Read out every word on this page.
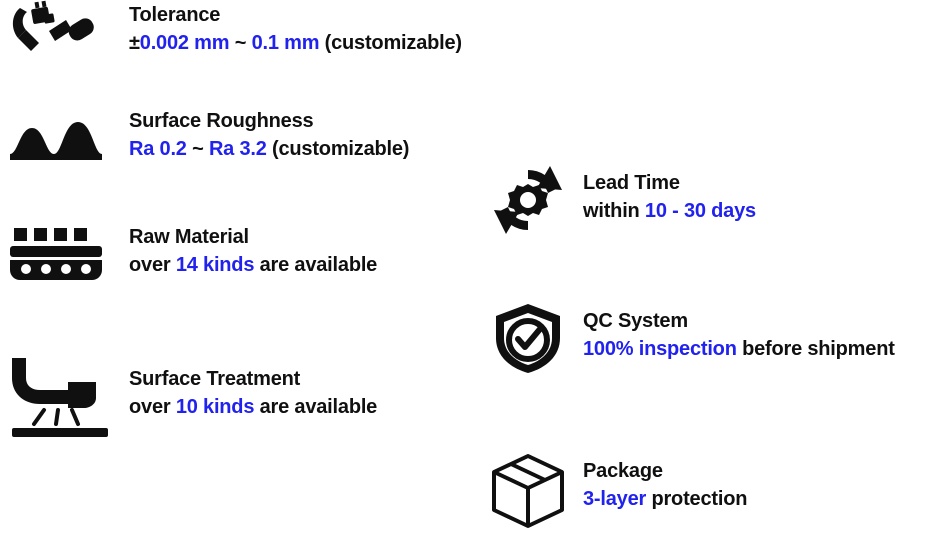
Tolerance
±0.002 mm ~ 0.1 mm (customizable)
Surface Roughness
Ra 0.2 ~ Ra 3.2 (customizable)
Raw Material
over 14 kinds are available
Surface Treatment
over 10 kinds are available
Lead Time
within 10 - 30 days
QC System
100% inspection before shipment
Package
3-layer protection
